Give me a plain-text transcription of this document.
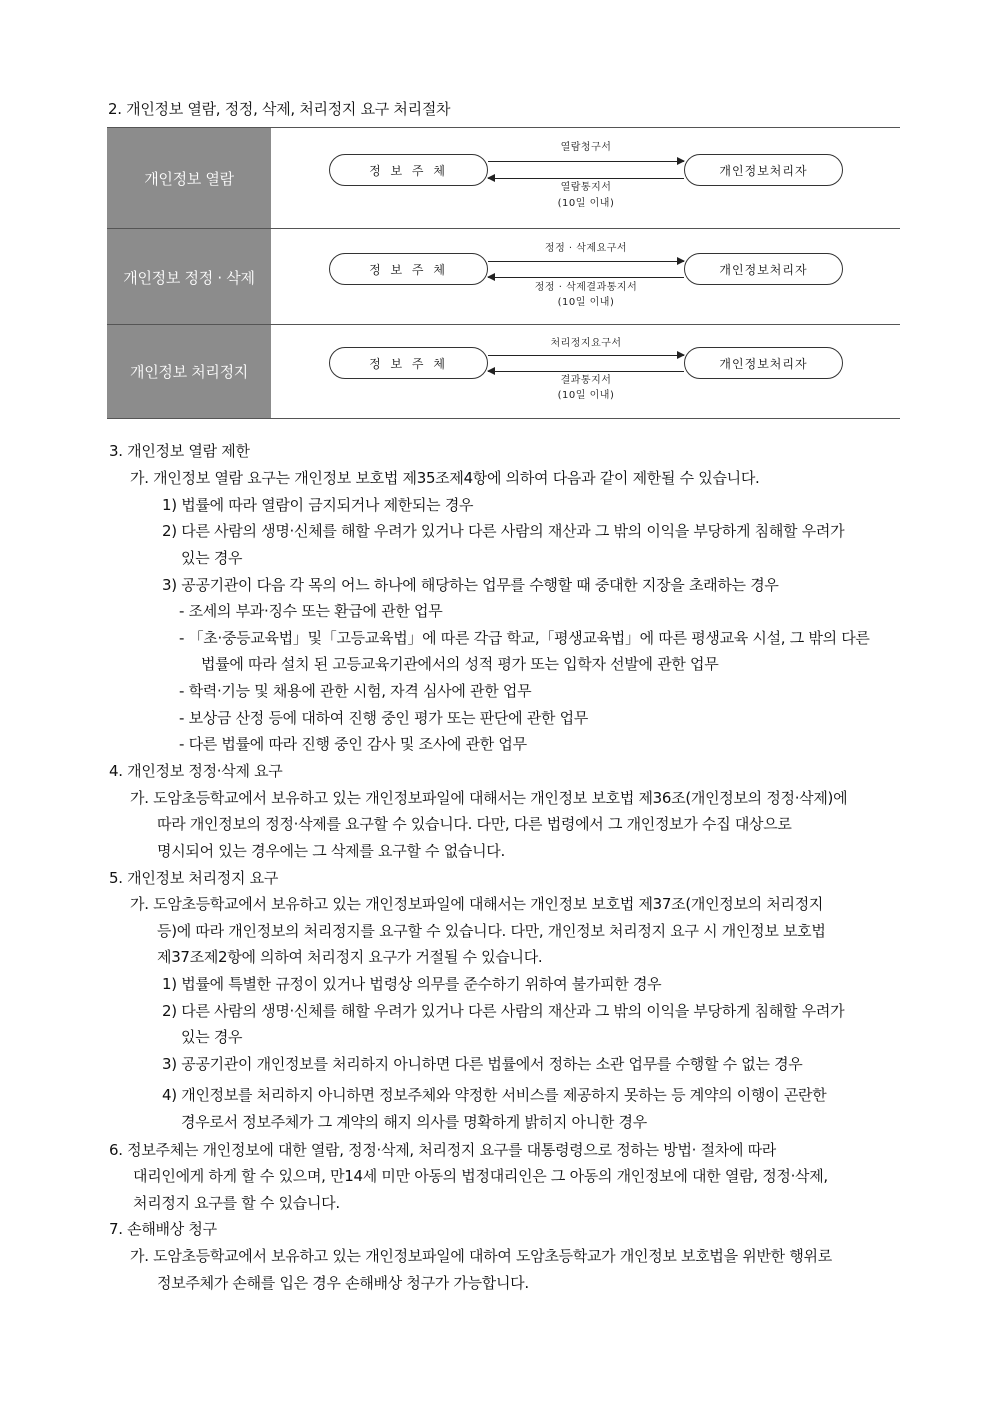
2. 개인정보 열람, 정정, 삭제, 처리정지 요구 처리절차
개인정보 열람
열람청구서
정 보 주 체	개인정보처리자
열람통지서
(10일 이내)
개인정보 정정 · 삭제
정정 · 삭제요구서
정 보 주 체	개인정보처리자
정정 · 삭제결과통지서
(10일 이내)
개인정보 처리정지
처리정지요구서
정 보 주 체	개인정보처리자
결과통지서
(10일 이내)
3. 개인정보 열람 제한
가. 개인정보 열람 요구는 개인정보 보호법 제35조제4항에 의하여 다음과 같이 제한될 수 있습니다.
1) 법률에 따라 열람이 금지되거나 제한되는 경우
2) 다른 사람의 생명·신체를 해할 우려가 있거나 다른 사람의 재산과 그 밖의 이익을 부당하게 침해할 우려가
있는 경우
3) 공공기관이 다음 각 목의 어느 하나에 해당하는 업무를 수행할 때 중대한 지장을 초래하는 경우
- 조세의 부과·징수 또는 환급에 관한 업무
- 「초·중등교육법」및「고등교육법」에 따른 각급 학교,「평생교육법」에 따른 평생교육 시설, 그 밖의 다른
법률에 따라 설치 된 고등교육기관에서의 성적 평가 또는 입학자 선발에 관한 업무
- 학력·기능 및 채용에 관한 시험, 자격 심사에 관한 업무
- 보상금 산정 등에 대하여 진행 중인 평가 또는 판단에 관한 업무
- 다른 법률에 따라 진행 중인 감사 및 조사에 관한 업무
4. 개인정보 정정·삭제 요구
가. 도암초등학교에서 보유하고 있는 개인정보파일에 대해서는 개인정보 보호법 제36조(개인정보의 정정·삭제)에
따라 개인정보의 정정·삭제를 요구할 수 있습니다. 다만, 다른 법령에서 그 개인정보가 수집 대상으로
명시되어 있는 경우에는 그 삭제를 요구할 수 없습니다.
5. 개인정보 처리정지 요구
가. 도암초등학교에서 보유하고 있는 개인정보파일에 대해서는 개인정보 보호법 제37조(개인정보의 처리정지
등)에 따라 개인정보의 처리정지를 요구할 수 있습니다. 다만, 개인정보 처리정지 요구 시 개인정보 보호법
제37조제2항에 의하여 처리정지 요구가 거절될 수 있습니다.
1) 법률에 특별한 규정이 있거나 법령상 의무를 준수하기 위하여 불가피한 경우
2) 다른 사람의 생명·신체를 해할 우려가 있거나 다른 사람의 재산과 그 밖의 이익을 부당하게 침해할 우려가
있는 경우
3) 공공기관이 개인정보를 처리하지 아니하면 다른 법률에서 정하는 소관 업무를 수행할 수 없는 경우
4) 개인정보를 처리하지 아니하면 정보주체와 약정한 서비스를 제공하지 못하는 등 계약의 이행이 곤란한
경우로서 정보주체가 그 계약의 해지 의사를 명확하게 밝히지 아니한 경우
6. 정보주체는 개인정보에 대한 열람, 정정·삭제, 처리정지 요구를 대통령령으로 정하는 방법· 절차에 따라
대리인에게 하게 할 수 있으며, 만14세 미만 아동의 법정대리인은 그 아동의 개인정보에 대한 열람, 정정·삭제,
처리정지 요구를 할 수 있습니다.
7. 손해배상 청구
가. 도암초등학교에서 보유하고 있는 개인정보파일에 대하여 도암초등학교가 개인정보 보호법을 위반한 행위로
정보주체가 손해를 입은 경우 손해배상 청구가 가능합니다.
